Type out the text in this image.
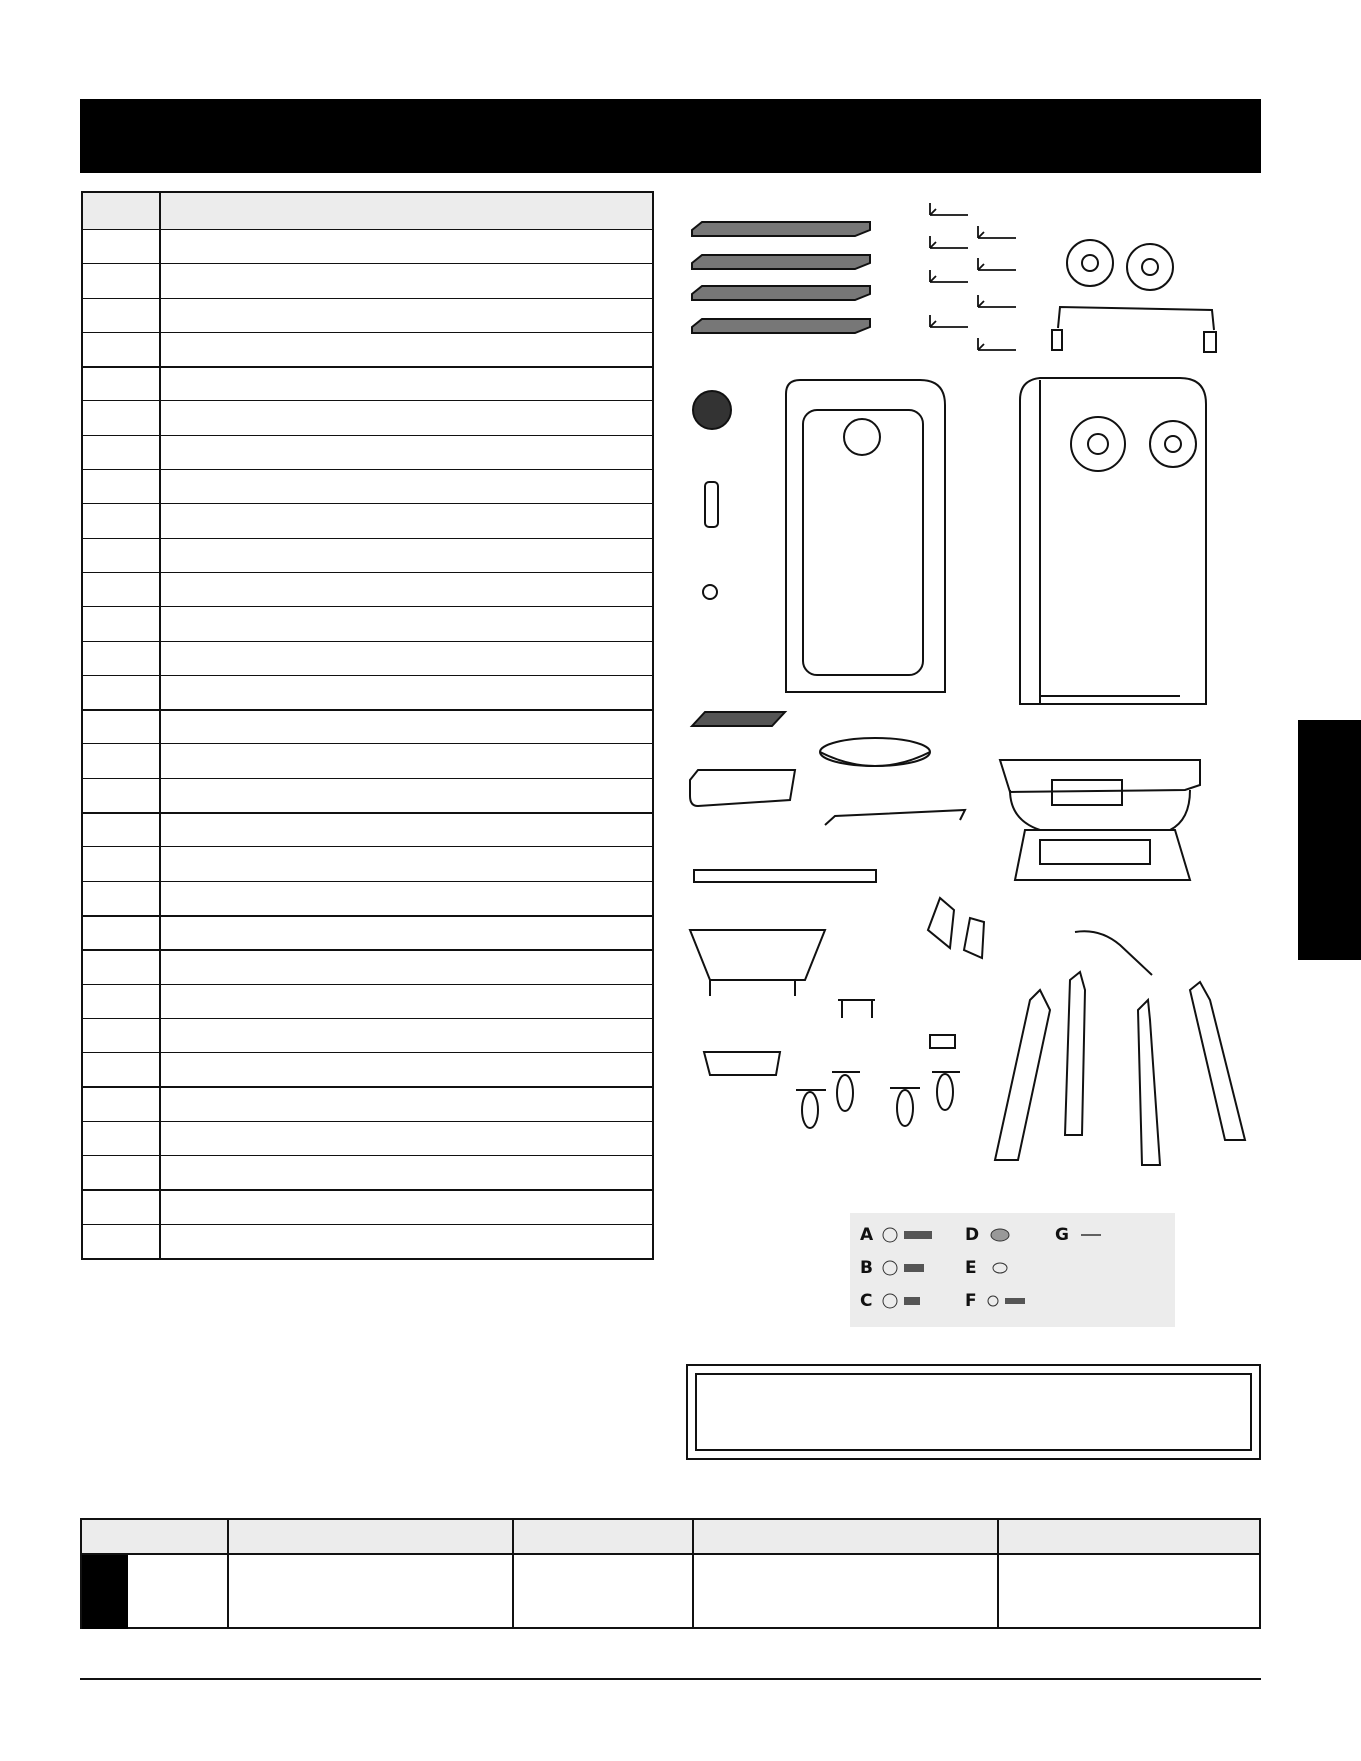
A
B
C
D
E
F
G
